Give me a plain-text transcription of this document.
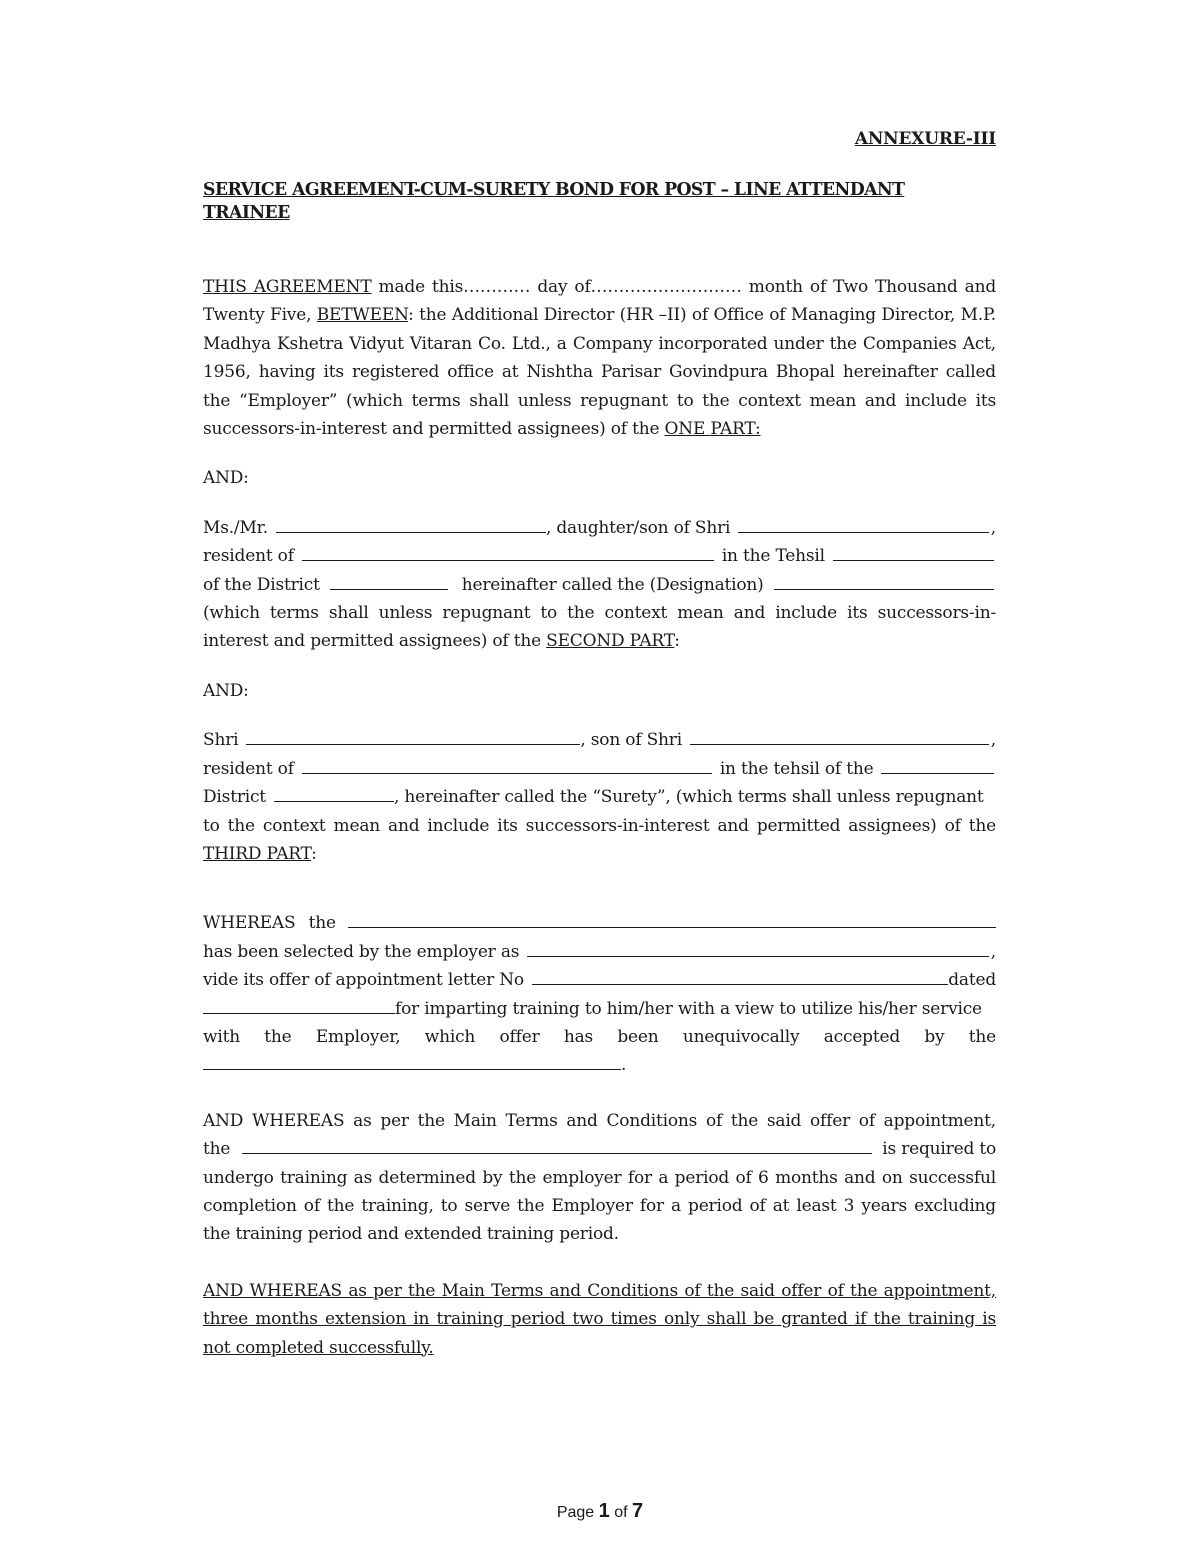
ANNEXURE-III
SERVICE AGREEMENT-CUM-SURETY BOND FOR POST – LINE ATTENDANT TRAINEE

THIS AGREEMENT made this………… day of……………………… month of Two Thousand and Twenty Five, BETWEEN: the Additional Director (HR –II) of Office of Managing Director, M.P. Madhya Kshetra Vidyut Vitaran Co. Ltd., a Company incorporated under the Companies Act, 1956, having its registered office at Nishtha Parisar Govindpura Bhopal hereinafter called the “Employer” (which terms shall unless repugnant to the context mean and include its successors-in-interest and permitted assignees) of the ONE PART:

AND:

Ms./Mr.	, daughter/son of Shri	,
resident of	in the Tehsil
of the District	hereinafter called the (Designation)

(which terms shall unless repugnant to the context mean and include its successors-in-interest and permitted assignees) of the SECOND PART:

AND:

Shri	, son of Shri	,
resident of	in the tehsil of the
District	, hereinafter called the “Surety”, (which terms shall unless repugnant
to the context mean and include its successors-in-interest and permitted assignees) of the

THIRD PART:

WHEREAS the
has been selected by the employer as	,
vide its offer of appointment letter No	dated
for imparting training to him/her with a view to utilize his/her service
with the Employer, which offer has been unequivocally accepted by the
.
AND WHEREAS as per the Main Terms and Conditions of the said offer of appointment,
the	is required to

undergo training as determined by the employer for a period of 6 months and on successful completion of the training, to serve the Employer for a period of at least 3 years excluding the training period and extended training period.

AND WHEREAS as per the Main Terms and Conditions of the said offer of the appointment, three months extension in training period two times only shall be granted if the training is not completed successfully.

Page 1 of 7
